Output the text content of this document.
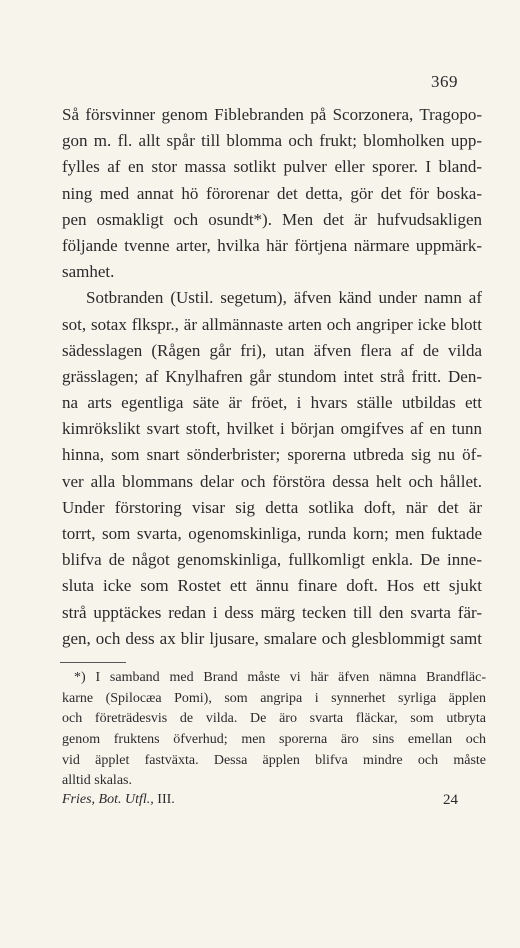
369
Så försvinner genom Fiblebranden på Scorzonera, Tragopo-
gon m. fl. allt spår till blomma och frukt; blomholken upp-
fylles af en stor massa sotlikt pulver eller sporer. I bland-
ning med annat hö förorenar det detta, gör det för boska-
pen osmakligt och osundt*). Men det är hufvudsakligen
följande tvenne arter, hvilka här förtjena närmare uppmärk-
samhet.
Sotbranden (Ustil. segetum), äfven känd under namn af
sot, sotax flkspr., är allmännaste arten och angriper icke blott
sädesslagen (Rågen går fri), utan äfven flera af de vilda
grässlagen; af Knylhafren går stundom intet strå fritt. Den-
na arts egentliga säte är fröet, i hvars ställe utbildas ett
kimrökslikt svart stoft, hvilket i början omgifves af en tunn
hinna, som snart sönderbrister; sporerna utbreda sig nu öf-
ver alla blommans delar och förstöra dessa helt och hållet.
Under förstoring visar sig detta sotlika doft, när det är
torrt, som svarta, ogenomskinliga, runda korn; men fuktade
blifva de något genomskinliga, fullkomligt enkla. De inne-
sluta icke som Rostet ett ännu finare doft. Hos ett sjukt
strå upptäckes redan i dess märg tecken till den svarta fär-
gen, och dess ax blir ljusare, smalare och glesblommigt samt
*) I samband med Brand måste vi här äfven nämna Brandfläc-
karne (Spilocæa Pomi), som angripa i synnerhet syrliga äpplen
och företrädesvis de vilda. De äro svarta fläckar, som utbryta
genom fruktens öfverhud; men sporerna äro sins emellan och
vid äpplet fastväxta. Dessa äpplen blifva mindre och måste
alltid skalas.
Fries, Bot. Utfl., III.	24
